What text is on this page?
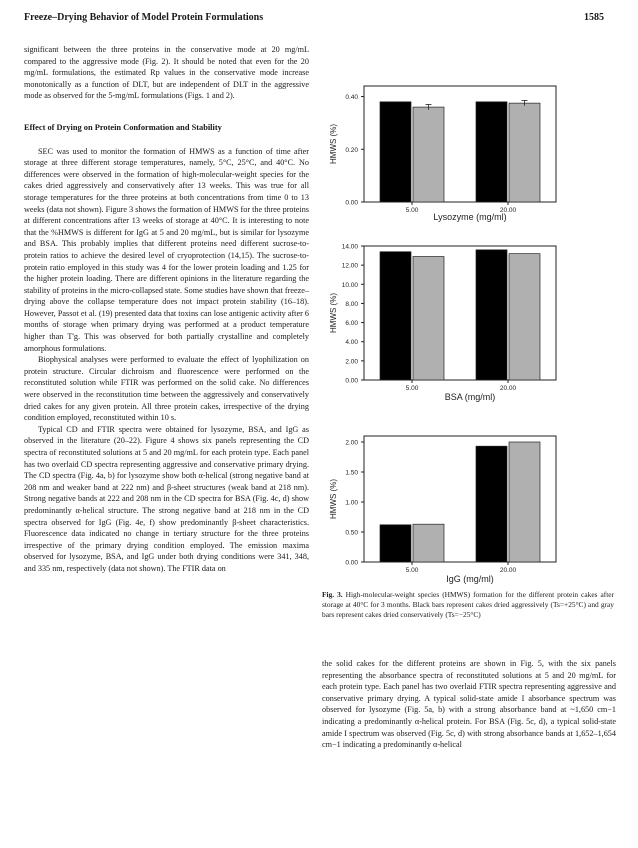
Freeze–Drying Behavior of Model Protein Formulations	1585

significant between the three proteins in the conservative mode at 20 mg/mL compared to the aggressive mode (Fig. 2). It should be noted that even for the 20 mg/mL formulations, the estimated Rp values in the conservative mode increase monotonically as a function of DLT, but are independent of DLT in the aggressive mode as observed for the 5-mg/mL formulations (Figs. 1 and 2).

Effect of Drying on Protein Conformation and Stability

SEC was used to monitor the formation of HMWS as a function of time after storage at three different storage temperatures, namely, 5°C, 25°C, and 40°C. No differences were observed in the formation of high-molecular-weight species for the cakes dried aggressively and conservatively after 13 weeks. This was true for all storage temperatures for the three proteins at both concentrations from time 0 to 13 weeks (data not shown). Figure 3 shows the formation of HMWS for the three proteins at different concentrations after 13 weeks of storage at 40°C. It is interesting to note that the %HMWS is different for IgG at 5 and 20 mg/mL, but is similar for lysozyme and BSA. This probably implies that different proteins need different sucrose-to-protein ratios to achieve the desired level of cryoprotection (14,15). The sucrose-to-protein ratio employed in this study was 4 for the lower protein loading and 1.25 for the higher protein loading. There are different opinions in the literature regarding the stability of proteins in the micro-collapsed state. Some studies have shown that freeze–drying above the collapse temperature does not impact protein stability (16–18). However, Passot et al. (19) presented data that toxins can lose antigenic activity after 6 months of storage when primary drying was performed at a product temperature higher than T'g. This was observed for both partially crystalline and completely amorphous formulations.

Biophysical analyses were performed to evaluate the effect of lyophilization on protein structure. Circular dichroism and fluorescence were performed on the reconstituted solution while FTIR was performed on the solid cake. No differences were observed in the reconstitution time between the aggressively and conservatively dried cakes for any given protein. All three protein cakes, irrespective of the drying condition employed, reconstituted within 10 s.

Typical CD and FTIR spectra were obtained for lysozyme, BSA, and IgG as observed in the literature (20–22). Figure 4 shows six panels representing the CD spectra of reconstituted solutions at 5 and 20 mg/mL for each protein type. Each panel has two overlaid CD spectra representing aggressive and conservative primary drying. The CD spectra (Fig. 4a, b) for lysozyme show both α-helical (strong negative band at 208 nm and weaker band at 222 nm) and β-sheet structures (weak band at 218 nm). Strong negative bands at 222 and 208 nm in the CD spectra for BSA (Fig. 4c, d) show predominantly α-helical structure. The strong negative band at 218 nm in the CD spectra observed for IgG (Fig. 4e, f) show predominantly β-sheet characteristics. Fluorescence data indicated no change in tertiary structure for the three proteins irrespective of the primary drying condition employed. The emission maxima observed for lysozyme, BSA, and IgG under both drying conditions were 341, 348, and 335 nm, respectively (data not shown). The FTIR data on

0.00
0.20
0.40
HMWS (%)
5.00	20.00
Lysozyme (mg/ml)
0.00
2.00
4.00
6.00
8.00
10.00
12.00
14.00
HMWS (%)
5.00	20.00
BSA (mg/ml)
0.00
0.50
1.00
1.50
2.00
HMWS (%)
5.00	20.00
IgG (mg/ml)
Fig. 3. High-molecular-weight species (HMWS) formation for the different protein cakes after storage at 40°C for 3 months. Black bars represent cakes dried aggressively (Ts=+25°C) and gray bars represent cakes dried conservatively (Ts=−25°C)

the solid cakes for the different proteins are shown in Fig. 5, with the six panels representing the absorbance spectra of reconstituted solutions at 5 and 20 mg/mL for each protein type. Each panel has two overlaid FTIR spectra representing aggressive and conservative primary drying. A typical solid-state amide I absorbance spectrum was observed for lysozyme (Fig. 5a, b) with a strong absorbance band at ~1,650 cm−1 indicating a predominantly α-helical protein. For BSA (Fig. 5c, d), a typical solid-state amide I spectrum was observed (Fig. 5c, d) with strong absorbance bands at 1,652–1,654 cm−1 indicating a predominantly α-helical
